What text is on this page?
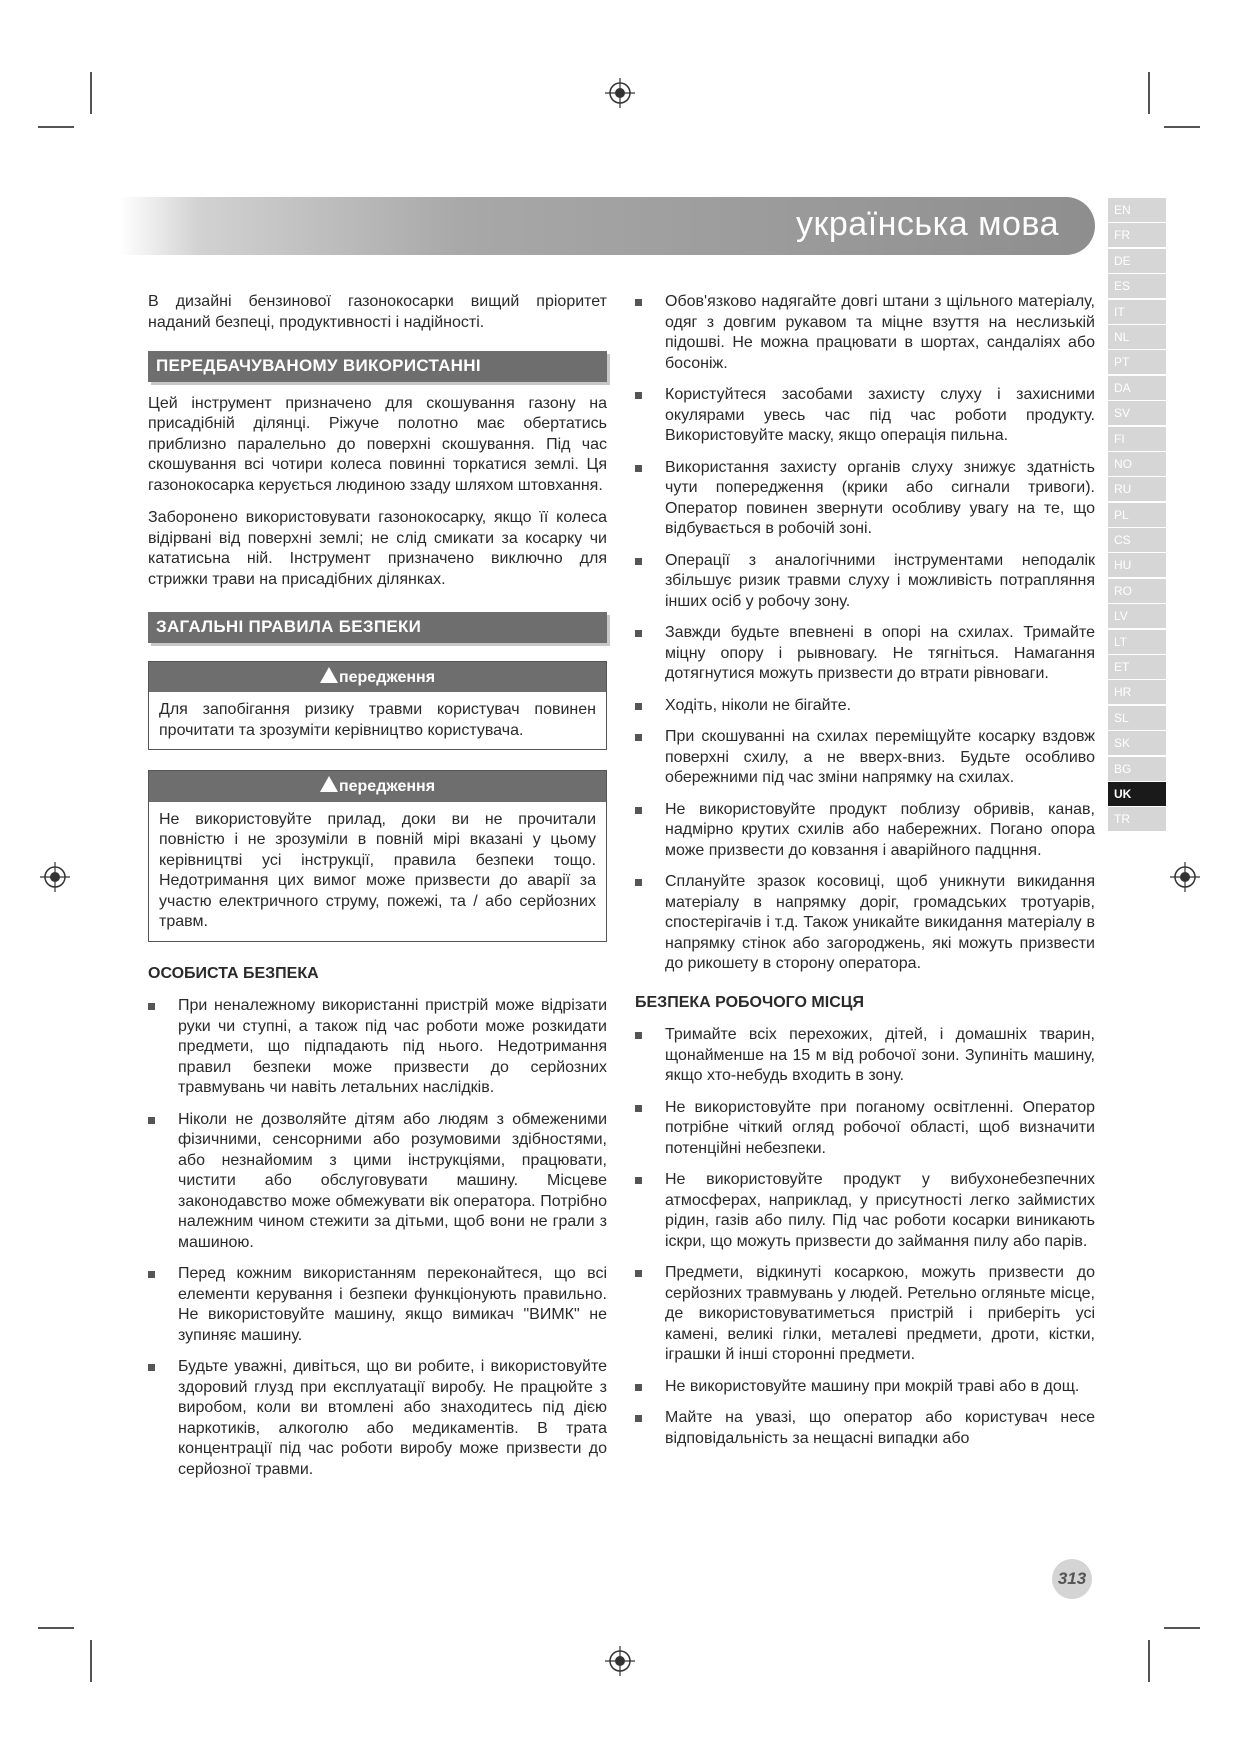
українська мова	EN
FR
DE
ES
IT
NL
PT
DA
SV
FI
NO
RU
PL
CS
HU
RO
LV
LT
ET
HR
SL
SK
BG
UK
TR

В дизайні бензинової газонокосарки вищий пріоритет наданий безпеці, продуктивності і надійності.

ПЕРЕДБАЧУВАНОМУ ВИКОРИСТАННІ

Цей інструмент призначено для скошування газону на присадібній ділянці. Ріжуче полотно має обертатись приблизно паралельно до поверхні скошування. Під час скошування всі чотири колеса повинні торкатися землі. Ця газонокосарка керується людиною ззаду шляхом штовхання.

Заборонено використовувати газонокосарку, якщо її колеса відірвані від поверхні землі; не слід смикати за косарку чи кататисьна ній. Інструмент призначено виключно для стрижки трави на присадібних ділянках.

ЗАГАЛЬНІ ПРАВИЛА БЕЗПЕКИ
передження
Для запобігання ризику травми користувач повинен прочитати та зрозуміти керівництво користувача.
передження
Не використовуйте прилад, доки ви не прочитали повністю і не зрозуміли в повній мірі вказані у цьому керівництві усі інструкції, правила безпеки тощо. Недотримання цих вимог може призвести до аварії за участю електричного струму, пожежі, та / або серйозних травм.
ОСОБИСТА БЕЗПЕКА
При неналежному використанні пристрій може відрізати руки чи ступні, а також під час роботи може розкидати предмети, що підпадають під нього. Недотримання правил безпеки може призвести до серйозних травмувань чи навіть летальних наслідків.
Ніколи не дозволяйте дітям або людям з обмеженими фізичними, сенсорними або розумовими здібностями, або незнайомим з цими інструкціями, працювати, чистити або обслуговувати машину. Місцеве законодавство може обмежувати вік оператора. Потрібно належним чином стежити за дітьми, щоб вони не грали з машиною.
Перед кожним використанням переконайтеся, що всі елементи керування і безпеки функціонують правильно. Не використовуйте машину, якщо вимикач "ВИМК" не зупиняє машину.
Будьте уважні, дивіться, що ви робите, і використовуйте здоровий глузд при експлуатації виробу. Не працюйте з виробом, коли ви втомлені або знаходитесь під дією наркотиків, алкоголю або медикаментів. В трата концентрації під час роботи виробу може призвести до серйозної травми.
Обов'язково надягайте довгі штани з щільного матеріалу, одяг з довгим рукавом та міцне взуття на неслизькій підошві. Не можна працювати в шортах, сандаліях або босоніж.
Користуйтеся засобами захисту слуху і захисними окулярами увесь час під час роботи продукту. Використовуйте маску, якщо операція пильна.
Використання захисту органів слуху знижує здатність чути попередження (крики або сигнали тривоги). Оператор повинен звернути особливу увагу на те, що відбувається в робочій зоні.
Операції з аналогічними інструментами неподалік збільшує ризик травми слуху і можливість потрапляння інших осіб у робочу зону.
Завжди будьте впевнені в опорі на схилах. Тримайте міцну опору і рывновагу. Не тягніться. Намагання дотягнутися можуть призвести до втрати рівноваги.
Ходіть, ніколи не бігайте.
При скошуванні на схилах переміщуйте косарку вздовж поверхні схилу, а не вверх-вниз. Будьте особливо обережними під час зміни напрямку на схилах.
Не використовуйте продукт поблизу обривів, канав, надмірно крутих схилів або набережних. Погано опора може призвести до ковзання і аварійного падцння.
Сплануйте зразок косовиці, щоб уникнути викидання матеріалу в напрямку доріг, громадських тротуарів, спостерігачів і т.д. Також уникайте викидання матеріалу в напрямку стінок або загороджень, які можуть призвести до рикошету в сторону оператора.
БЕЗПЕКА РОБОЧОГО МІСЦЯ
Тримайте всіх перехожих, дітей, і домашніх тварин, щонайменше на 15 м від робочої зони. Зупиніть машину, якщо хто-небудь входить в зону.
Не використовуйте при поганому освітленні. Оператор потрібне чіткий огляд робочої області, щоб визначити потенційні небезпеки.
Не використовуйте продукт у вибухонебезпечних атмосферах, наприклад, у присутності легко займистих рідин, газів або пилу. Під час роботи косарки виникають іскри, що можуть призвести до займання пилу або парів.
Предмети, відкинуті косаркою, можуть призвести до серйозних травмувань у людей. Ретельно огляньте місце, де використовуватиметься пристрій і приберіть усі камені, великі гілки, металеві предмети, дроти, кістки, іграшки й інші сторонні предмети.
Не використовуйте машину при мокрій траві або в дощ.
Майте на увазі, що оператор або користувач несе відповідальність за нещасні випадки або
313
